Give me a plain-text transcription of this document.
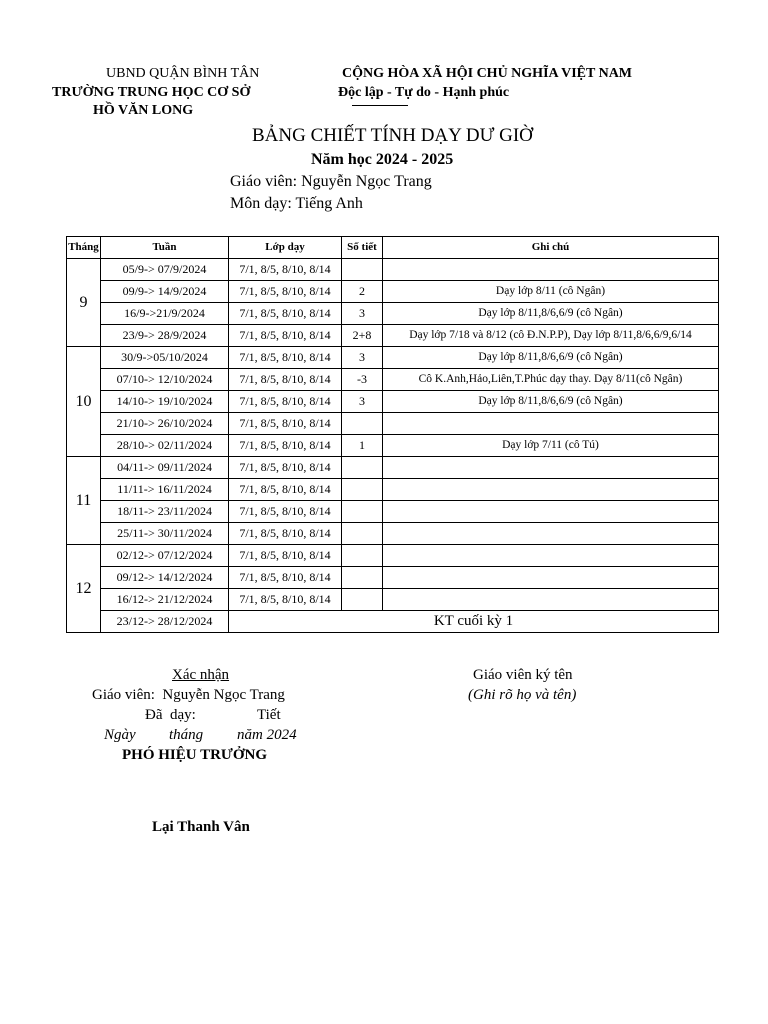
UBND QUẬN BÌNH TÂN
TRƯỜNG TRUNG HỌC CƠ SỞ
HỒ VĂN LONG
CỘNG HÒA XÃ HỘI CHỦ NGHĨA VIỆT NAM
Độc lập - Tự do - Hạnh phúc
BẢNG CHIẾT TÍNH DẠY DƯ GIỜ
Năm học 2024 - 2025
Giáo viên: Nguyễn Ngọc Trang
Môn dạy: Tiếng Anh
Tháng	Tuần	Lớp dạy	Số tiết	Ghi chú
9	05/9-> 07/9/2024	7/1, 8/5, 8/10, 8/14		
	09/9-> 14/9/2024	7/1, 8/5, 8/10, 8/14	2	Dạy lớp 8/11 (cô Ngân)
	16/9->21/9/2024	7/1, 8/5, 8/10, 8/14	3	Dạy lớp 8/11,8/6,6/9 (cô Ngân)
	23/9-> 28/9/2024	7/1, 8/5, 8/10, 8/14	2+8	Dạy lớp 7/18 và 8/12 (cô Đ.N.P.P), Dạy lớp 8/11,8/6,6/9,6/14
10	30/9->05/10/2024	7/1, 8/5, 8/10, 8/14	3	Dạy lớp 8/11,8/6,6/9 (cô Ngân)
	07/10-> 12/10/2024	7/1, 8/5, 8/10, 8/14	-3	Cô K.Anh,Hảo,Liên,T.Phúc dạy thay. Dạy 8/11(cô Ngân)
	14/10-> 19/10/2024	7/1, 8/5, 8/10, 8/14	3	Dạy lớp 8/11,8/6,6/9 (cô Ngân)
	21/10-> 26/10/2024	7/1, 8/5, 8/10, 8/14		
	28/10-> 02/11/2024	7/1, 8/5, 8/10, 8/14	1	Dạy lớp 7/11 (cô Tú)
11	04/11-> 09/11/2024	7/1, 8/5, 8/10, 8/14		
	11/11-> 16/11/2024	7/1, 8/5, 8/10, 8/14		
	18/11-> 23/11/2024	7/1, 8/5, 8/10, 8/14		
	25/11-> 30/11/2024	7/1, 8/5, 8/10, 8/14		
12	02/12-> 07/12/2024	7/1, 8/5, 8/10, 8/14		
	09/12-> 14/12/2024	7/1, 8/5, 8/10, 8/14		
	16/12-> 21/12/2024	7/1, 8/5, 8/10, 8/14		
	23/12-> 28/12/2024	KT cuối kỳ 1		
Xác nhận
Giáo viên:  Nguyễn Ngọc Trang
Đã  dạy:	Tiết
Ngày tháng năm 2024
PHÓ HIỆU TRƯỞNG
Lại Thanh Vân
Giáo viên ký tên
(Ghi rõ họ và tên)
